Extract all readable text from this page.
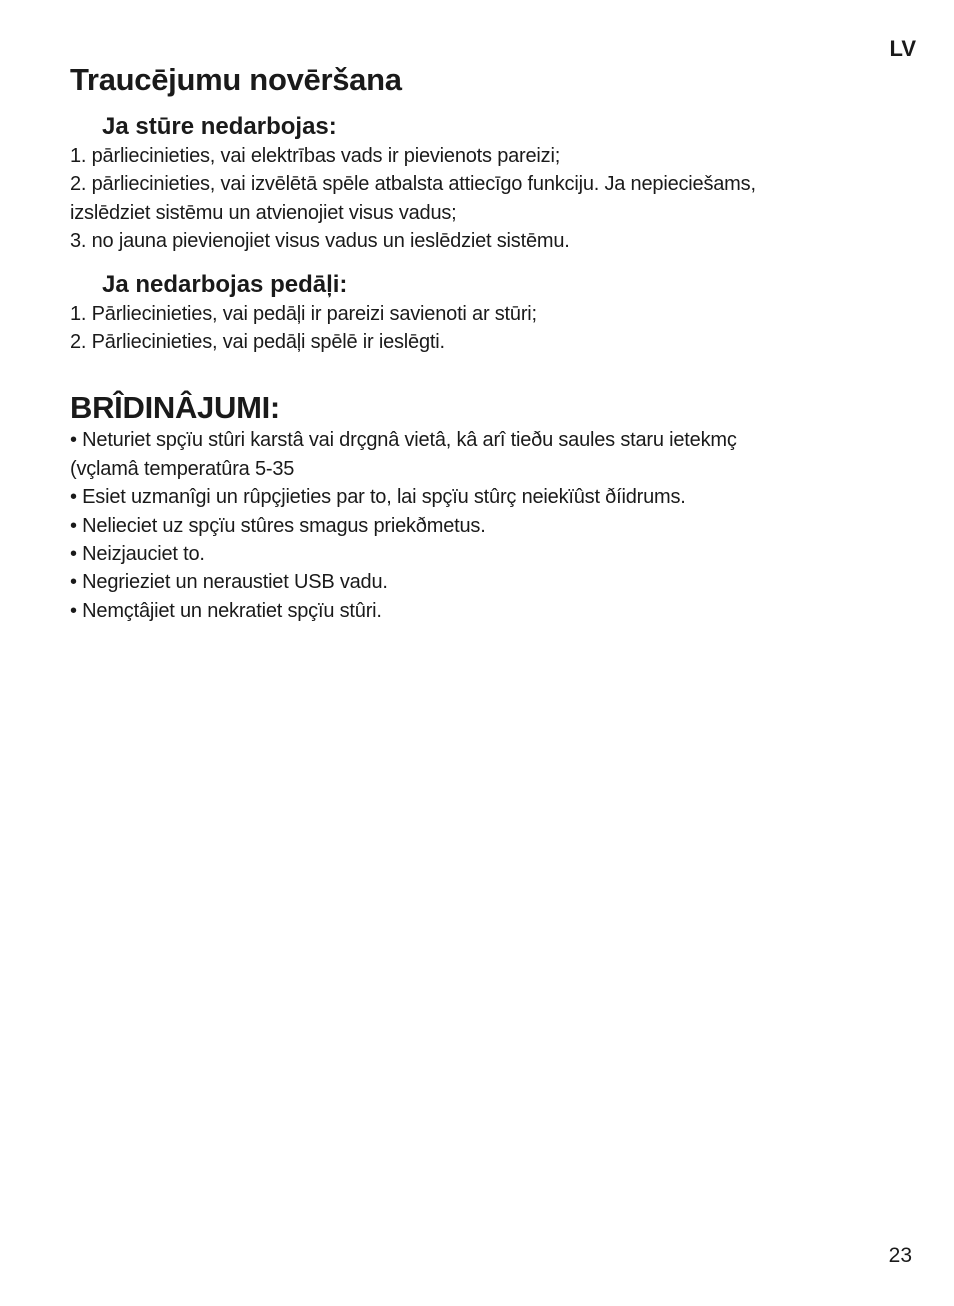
LV
Traucējumu novēršana
Ja stūre nedarbojas:
1. pārliecinieties, vai elektrības vads ir pievienots pareizi;
2. pārliecinieties, vai izvēlētā spēle atbalsta attiecīgo funkciju. Ja nepieciešams,
izslēdziet sistēmu un atvienojiet visus vadus;
3. no jauna pievienojiet visus vadus un ieslēdziet sistēmu.
Ja nedarbojas pedāļi:
1. Pārliecinieties, vai pedāļi ir pareizi savienoti ar stūri;
2. Pārliecinieties, vai pedāļi spēlē ir ieslēgti.
BRÎDINÂJUMI:
• Neturiet spçïu stûri karstâ vai drçgnâ vietâ, kâ arî tieðu saules staru ietekmç
(vçlamâ temperatûra 5-35
• Esiet uzmanîgi un rûpçjieties par to, lai spçïu stûrç neiekïûst ðíidrums.
• Nelieciet uz spçïu stûres smagus priekðmetus.
• Neizjauciet to.
• Negrieziet un neraustiet USB vadu.
• Nemçtâjiet un nekratiet spçïu stûri.
23
